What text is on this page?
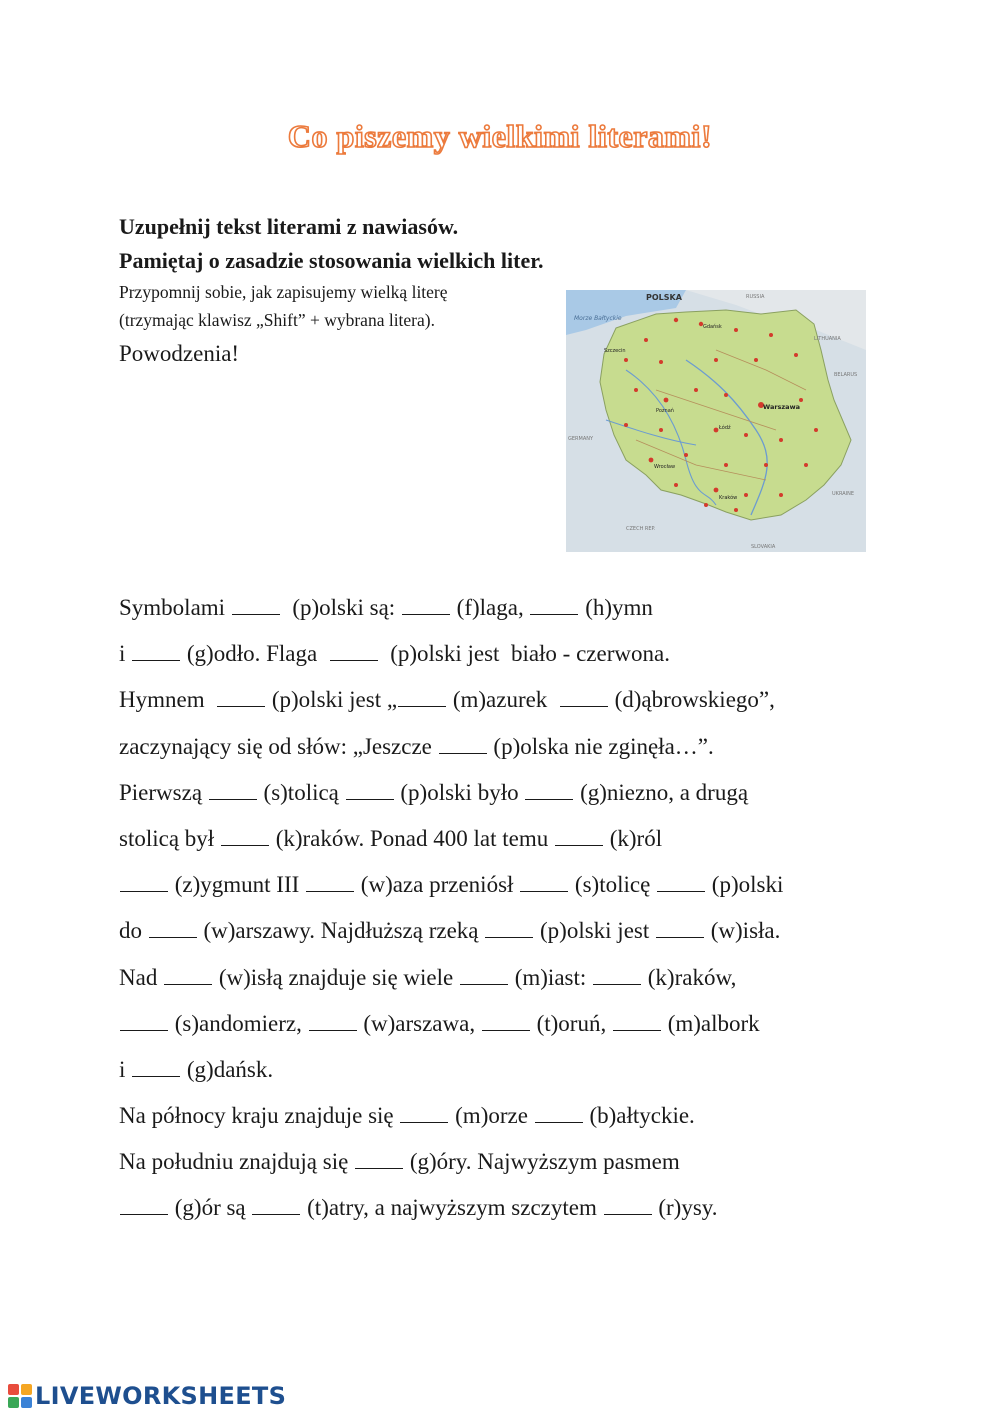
Co piszemy wielkimi literami!
Uzupełnij tekst literami z nawiasów.
Pamiętaj o zasadzie stosowania wielkich liter.
Przypomnij sobie, jak zapisujemy wielką literę
(trzymając klawisz „Shift” + wybrana litera).
Powodzenia!
POLSKA
Morze Bałtyckie
Warszawa
Gdańsk
Poznań
Łódź
Wrocław
Kraków
Szczecin
RUSSIA
LITHUANIA
BELARUS
GERMANY
CZECH REP.
SLOVAKIA
UKRAINE
Symbolami   (p)olski są:  (f)laga,  (h)ymn
i  (g)odło. Flaga    (p)olski jest  biało - czerwona.
Hymnem   (p)olski jest „ (m)azurek   (d)ąbrowskiego”,
zaczynający się od słów: „Jeszcze  (p)olska nie zginęła…”.
Pierwszą  (s)tolicą  (p)olski było  (g)niezno, a drugą
stolicą był  (k)raków. Ponad 400 lat temu  (k)ról
(z)ygmunt III  (w)aza przeniósł  (s)tolicę  (p)olski
do  (w)arszawy. Najdłuższą rzeką  (p)olski jest  (w)isła.
Nad  (w)isłą znajduje się wiele  (m)iast:  (k)raków,
(s)andomierz,  (w)arszawa,  (t)oruń,  (m)albork
i  (g)dańsk.
Na północy kraju znajduje się  (m)orze  (b)ałtyckie.
Na południu znajdują się  (g)óry. Najwyższym pasmem
(g)ór są  (t)atry, a najwyższym szczytem  (r)ysy.
LIVEWORKSHEETS
